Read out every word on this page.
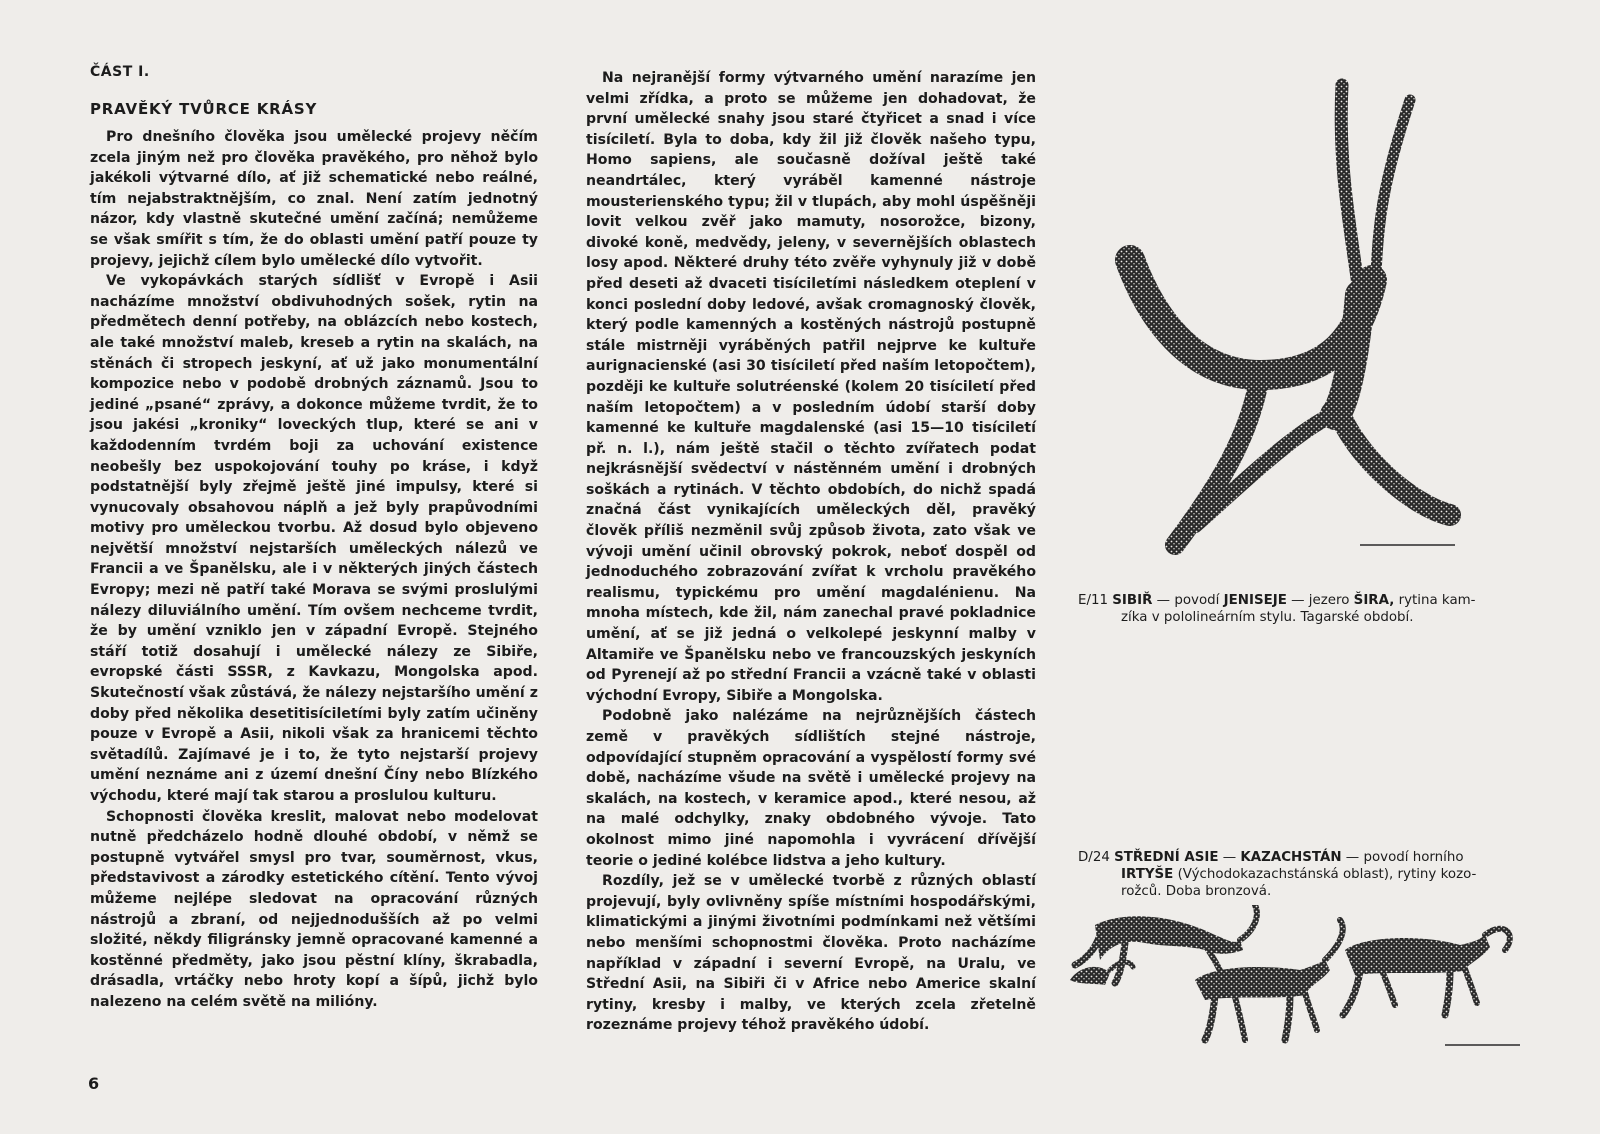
ČÁST I.
PRAVĚKÝ TVŮRCE KRÁSY

Pro dnešního člověka jsou umělecké projevy něčím zcela jiným než pro člověka pravěkého, pro něhož bylo jakékoli výtvarné dílo, ať již schematické nebo reálné, tím nejabstraktnějším, co znal. Není zatím jednotný názor, kdy vlastně skutečné umění začíná; nemůžeme se však smířit s tím, že do oblasti umění patří pouze ty projevy, jejichž cílem bylo umělecké dílo vytvořit.

Ve vykopávkách starých sídlišť v Evropě i Asii nacházíme množství obdivuhodných sošek, rytin na předmětech denní potřeby, na oblázcích nebo kostech, ale také množství maleb, kreseb a rytin na skalách, na stěnách či stropech jeskyní, ať už jako monumentální kompozice nebo v podobě drobných záznamů. Jsou to jediné „psané“ zprávy, a dokonce můžeme tvrdit, že to jsou jakési „kroniky“ loveckých tlup, které se ani v každodenním tvrdém boji za uchování existence neobešly bez uspokojování touhy po kráse, i když podstatnější byly zřejmě ještě jiné impulsy, které si vynucovaly obsahovou náplň a jež byly prapůvodními motivy pro uměleckou tvorbu. Až dosud bylo objeveno největší množství nejstarších uměleckých nálezů ve Francii a ve Španělsku, ale i v některých jiných částech Evropy; mezi ně patří také Morava se svými proslulými nálezy diluviálního umění. Tím ovšem nechceme tvrdit, že by umění vzniklo jen v západní Evropě. Stejného stáří totiž dosahují i umělecké nálezy ze Sibiře, evropské části SSSR, z Kavkazu, Mongolska apod. Skutečností však zůstává, že nálezy nejstaršího umění z doby před několika desetitisíciletími byly zatím učiněny pouze v Evropě a Asii, nikoli však za hranicemi těchto světadílů. Zajímavé je i to, že tyto nejstarší projevy umění neznáme ani z území dnešní Číny nebo Blízkého východu, které mají tak starou a proslulou kulturu.

Schopnosti člověka kreslit, malovat nebo modelovat nutně předcházelo hodně dlouhé období, v němž se postupně vytvářel smysl pro tvar, souměrnost, vkus, představivost a zárodky estetického cítění. Tento vývoj můžeme nejlépe sledovat na opracování různých nástrojů a zbraní, od nejjednodušších až po velmi složité, někdy filigránsky jemně opracované kamenné a kostěnné předměty, jako jsou pěstní klíny, škrabadla, drásadla, vrtáčky nebo hroty kopí a šípů, jichž bylo nalezeno na celém světě na milióny.

Na nejranější formy výtvarného umění narazíme jen velmi zřídka, a proto se můžeme jen dohadovat, že první umělecké snahy jsou staré čtyřicet a snad i více tisíciletí. Byla to doba, kdy žil již člověk našeho typu, Homo sapiens, ale současně dožíval ještě také neandrtálec, který vyráběl kamenné nástroje mousterienského typu; žil v tlupách, aby mohl úspěšněji lovit velkou zvěř jako mamuty, nosorožce, bizony, divoké koně, medvědy, jeleny, v severnějších oblastech losy apod. Některé druhy této zvěře vyhynuly již v době před deseti až dvaceti tisíciletími následkem oteplení v konci poslední doby ledové, avšak cromagnoský člověk, který podle kamenných a kostěných nástrojů postupně stále mistrněji vyráběných patřil nejprve ke kultuře aurignacienské (asi 30 tisíciletí před naším letopočtem), později ke kultuře solutréenské (kolem 20 tisíciletí před naším letopočtem) a v posledním údobí starší doby kamenné ke kultuře magdalenské (asi 15—10 tisíciletí př. n. l.), nám ještě stačil o těchto zvířatech podat nejkrásnější svědectví v nástěnném umění i drobných soškách a rytinách. V těchto obdobích, do nichž spadá značná část vynikajících uměleckých děl, pravěký člověk příliš nezměnil svůj způsob života, zato však ve vývoji umění učinil obrovský pokrok, neboť dospěl od jednoduchého zobrazování zvířat k vrcholu pravěkého realismu, typickému pro umění magdalénienu. Na mnoha místech, kde žil, nám zanechal pravé pokladnice umění, ať se již jedná o velkolepé jeskynní malby v Altamiře ve Španělsku nebo ve francouzských jeskyních od Pyrenejí až po střední Francii a vzácně také v oblasti východní Evropy, Sibiře a Mongolska.

Podobně jako nalézáme na nejrůznějších částech země v pravěkých sídlištích stejné nástroje, odpovídající stupněm opracování a vyspělostí formy své době, nacházíme všude na světě i umělecké projevy na skalách, na kostech, v keramice apod., které nesou, až na malé odchylky, znaky obdobného vývoje. Tato okolnost mimo jiné napomohla i vyvrácení dřívější teorie o jediné kolébce lidstva a jeho kultury.

Rozdíly, jež se v umělecké tvorbě z různých oblastí projevují, byly ovlivněny spíše místními hospodářskými, klimatickými a jinými životními podmínkami než většími nebo menšími schopnostmi člověka. Proto nacházíme například v západní i severní Evropě, na Uralu, ve Střední Asii, na Sibiři či v Africe nebo Americe skalní rytiny, kresby i malby, ve kterých zcela zřetelně rozeznáme projevy téhož pravěkého údobí.

E/11 SIBIŘ — povodí JENISEJE — jezero ŠIRA, rytina kam-
zíka v pololineárním stylu. Tagarské období.
D/24 STŘEDNÍ ASIE — KAZACHSTÁN — povodí horního
IRTYŠE (Východokazachstánská oblast), rytiny kozo-
rožců. Doba bronzová.
6
